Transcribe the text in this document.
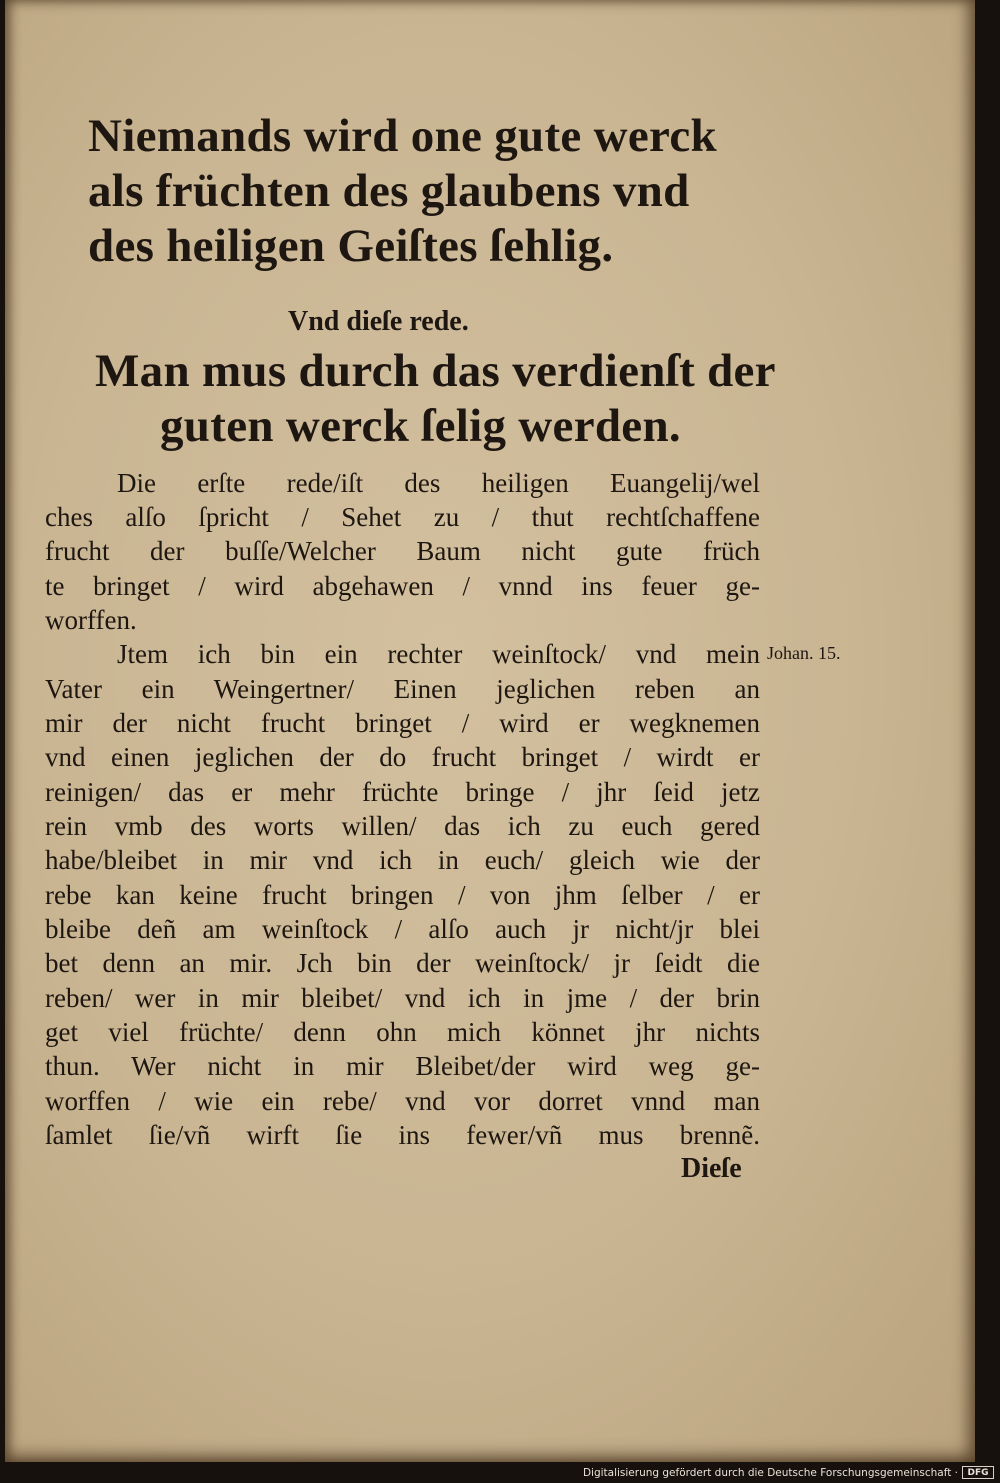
Niemands wird one gute werck
als früchten des glaubens vnd
des heiligen Geiſtes ſehlig.
Vnd dieſe rede.
Man mus durch das verdienſt der
guten werck ſelig werden.
Die erſte rede/iſt des heiligen Euangelij/wel
ches alſo ſpricht / Sehet zu / thut rechtſchaffene
frucht der buſſe/Welcher Baum nicht gute früch
te bringet / wird abgehawen / vnnd ins feuer ge-
worffen.
Jtem ich bin ein rechter weinſtock/ vnd mein
Vater ein Weingertner/ Einen jeglichen reben an
mir der nicht frucht bringet / wird er wegknemen
vnd einen jeglichen der do frucht bringet / wirdt er
reinigen/ das er mehr früchte bringe / jhr ſeid jetz
rein vmb des worts willen/ das ich zu euch gered
habe/bleibet in mir vnd ich in euch/ gleich wie der
rebe kan keine frucht bringen / von jhm ſelber / er
bleibe deñ am weinſtock / alſo auch jr nicht/jr blei
bet denn an mir. Jch bin der weinſtock/ jr ſeidt die
reben/ wer in mir bleibet/ vnd ich in jme / der brin
get viel früchte/ denn ohn mich könnet jhr nichts
thun. Wer nicht in mir Bleibet/der wird weg ge-
worffen / wie ein rebe/ vnd vor dorret vnnd man
ſamlet ſie/vñ wirft ſie ins fewer/vñ mus brennẽ.
Johan. 15.
Dieſe
Digitalisierung gefördert durch die Deutsche Forschungsgemeinschaft ·	DFG
